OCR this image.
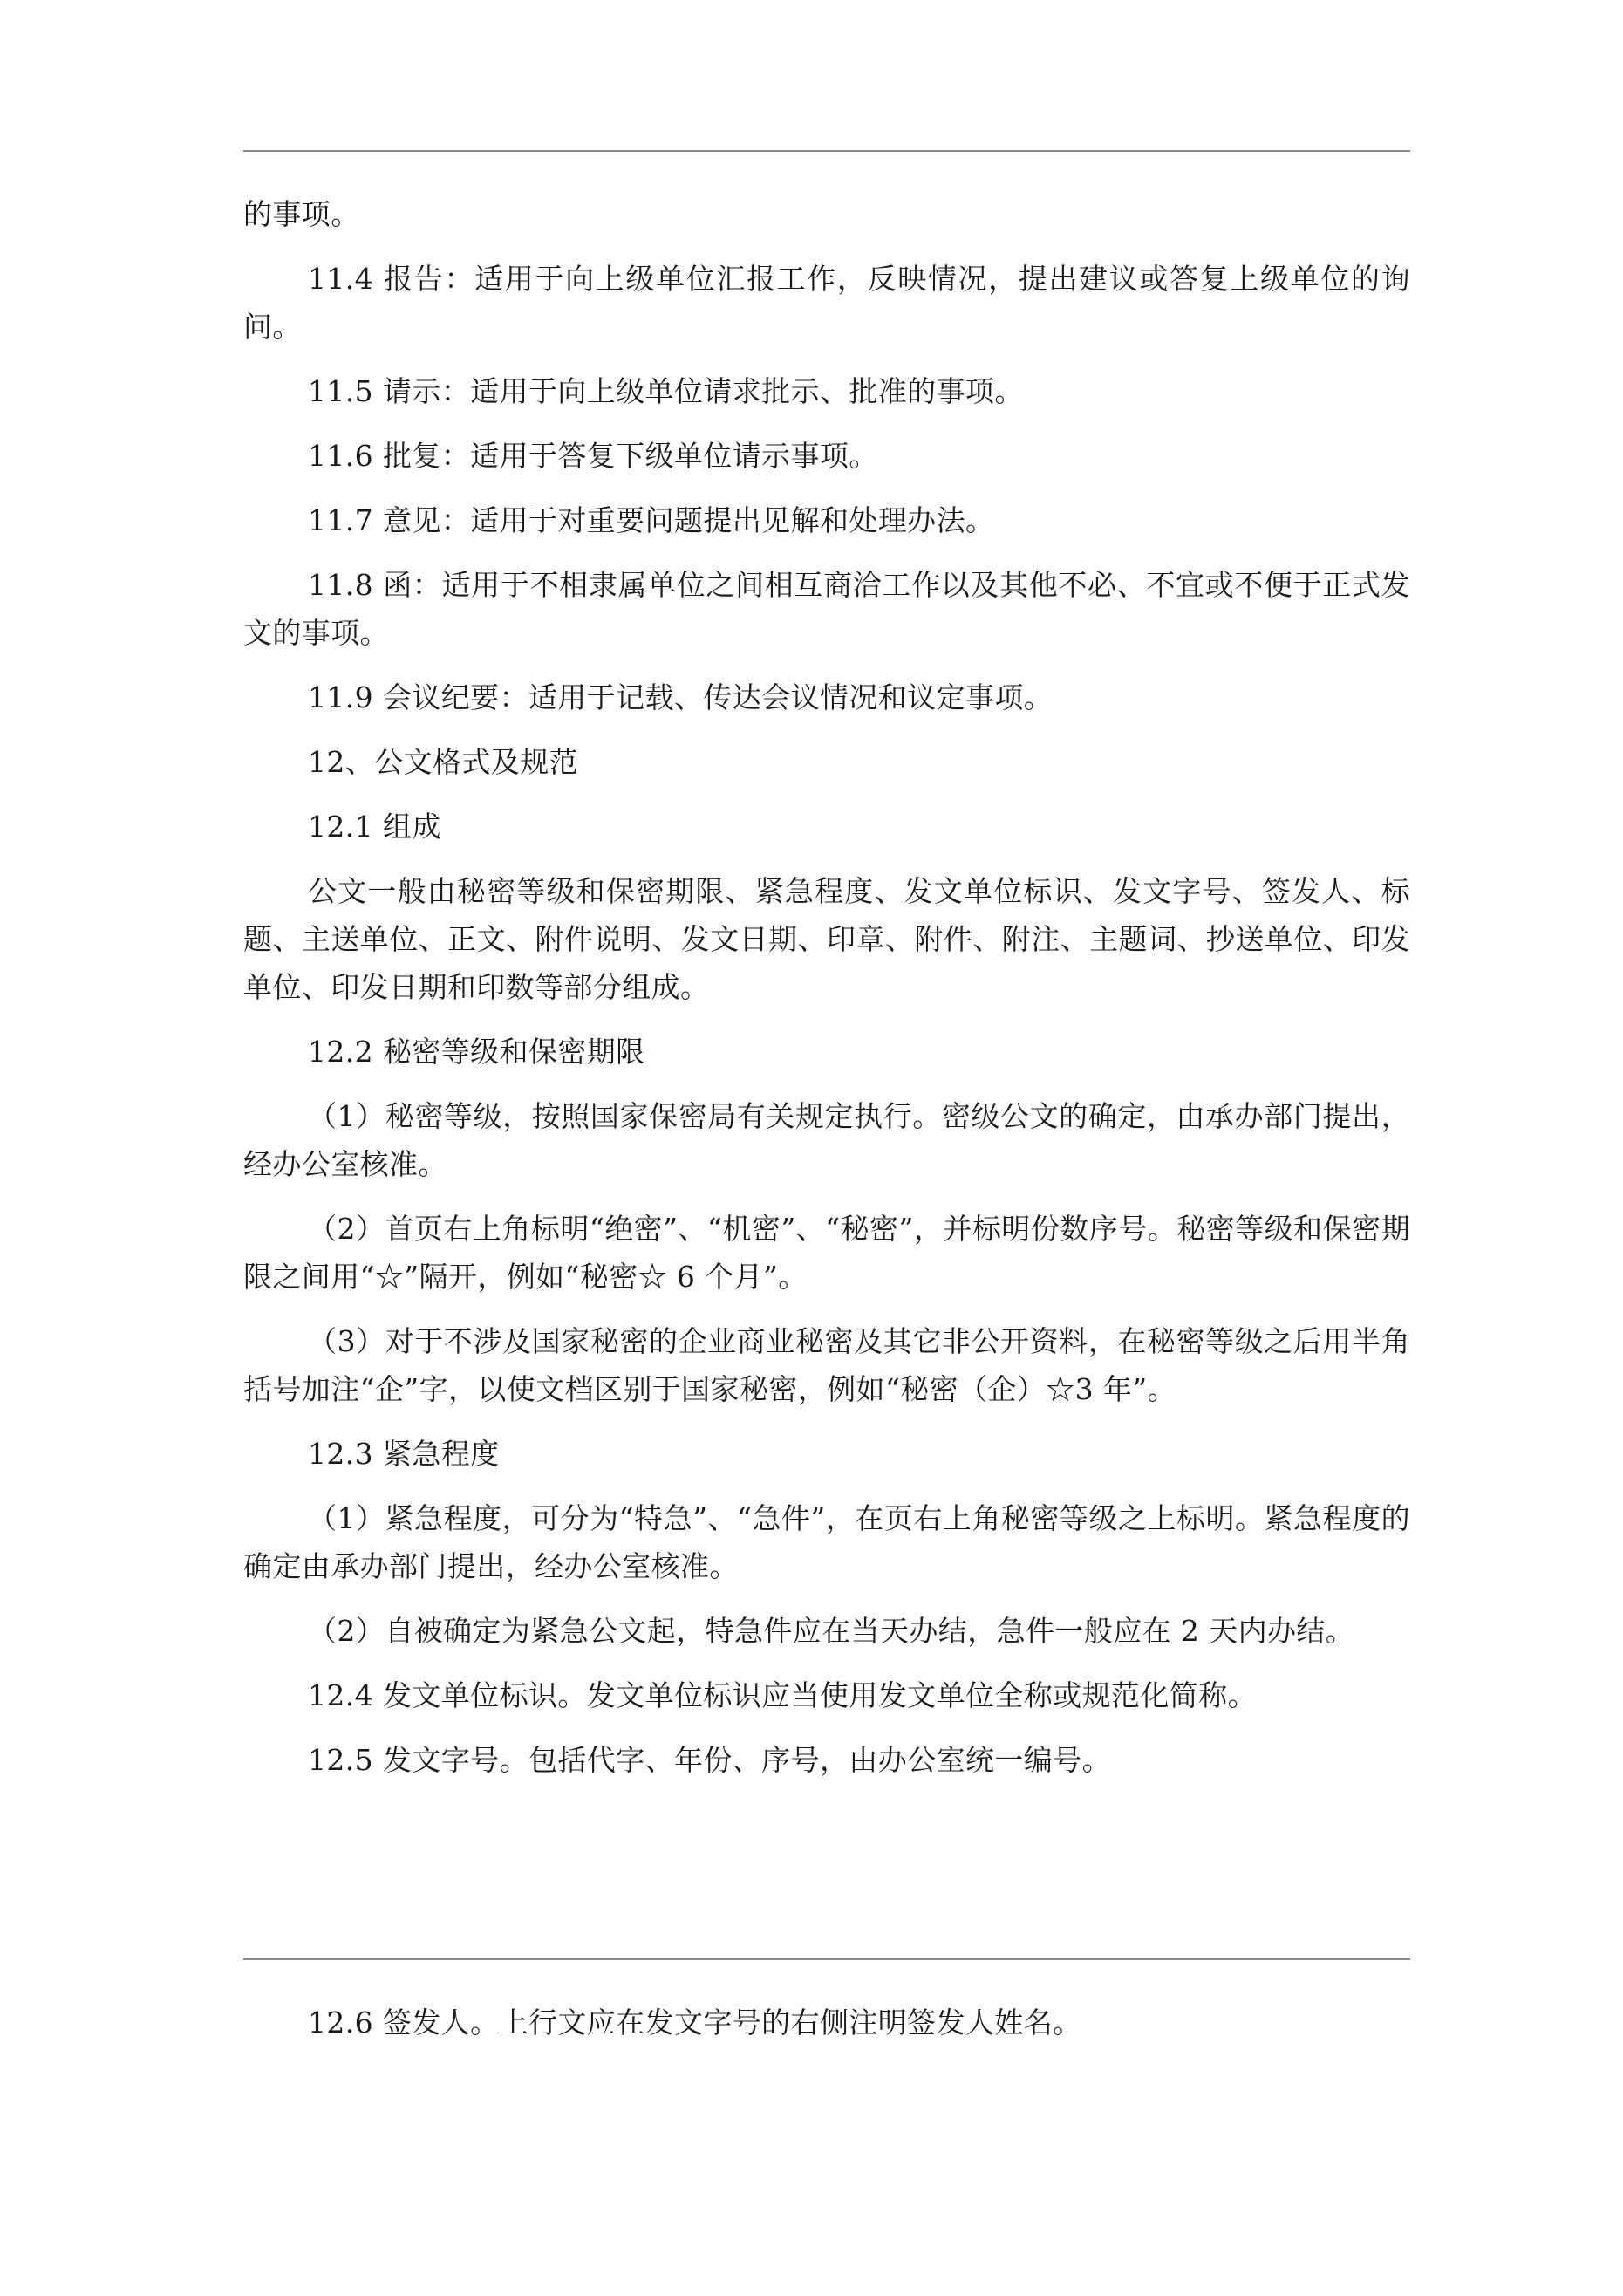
的事项。

11.4 报告：适用于向上级单位汇报工作，反映情况，提出建议或答复上级单位的询问。

11.5 请示：适用于向上级单位请求批示、批准的事项。

11.6 批复：适用于答复下级单位请示事项。

11.7 意见：适用于对重要问题提出见解和处理办法。

11.8 函：适用于不相隶属单位之间相互商洽工作以及其他不必、不宜或不便于正式发文的事项。

11.9 会议纪要：适用于记载、传达会议情况和议定事项。

12、公文格式及规范

12.1 组成

公文一般由秘密等级和保密期限、紧急程度、发文单位标识、发文字号、签发人、标题、主送单位、正文、附件说明、发文日期、印章、附件、附注、主题词、抄送单位、印发单位、印发日期和印数等部分组成。

12.2 秘密等级和保密期限

（1）秘密等级，按照国家保密局有关规定执行。密级公文的确定，由承办部门提出，经办公室核准。

（2）首页右上角标明“绝密”、“机密”、“秘密”，并标明份数序号。秘密等级和保密期限之间用“☆”隔开，例如“秘密☆ 6 个月”。

（3）对于不涉及国家秘密的企业商业秘密及其它非公开资料，在秘密等级之后用半角括号加注“企”字，以使文档区别于国家秘密，例如“秘密（企）☆3 年”。

12.3 紧急程度

（1）紧急程度，可分为“特急”、“急件”，在页右上角秘密等级之上标明。紧急程度的确定由承办部门提出，经办公室核准。

（2）自被确定为紧急公文起，特急件应在当天办结，急件一般应在 2 天内办结。

12.4 发文单位标识。发文单位标识应当使用发文单位全称或规范化简称。

12.5 发文字号。包括代字、年份、序号，由办公室统一编号。

12.6 签发人。上行文应在发文字号的右侧注明签发人姓名。
